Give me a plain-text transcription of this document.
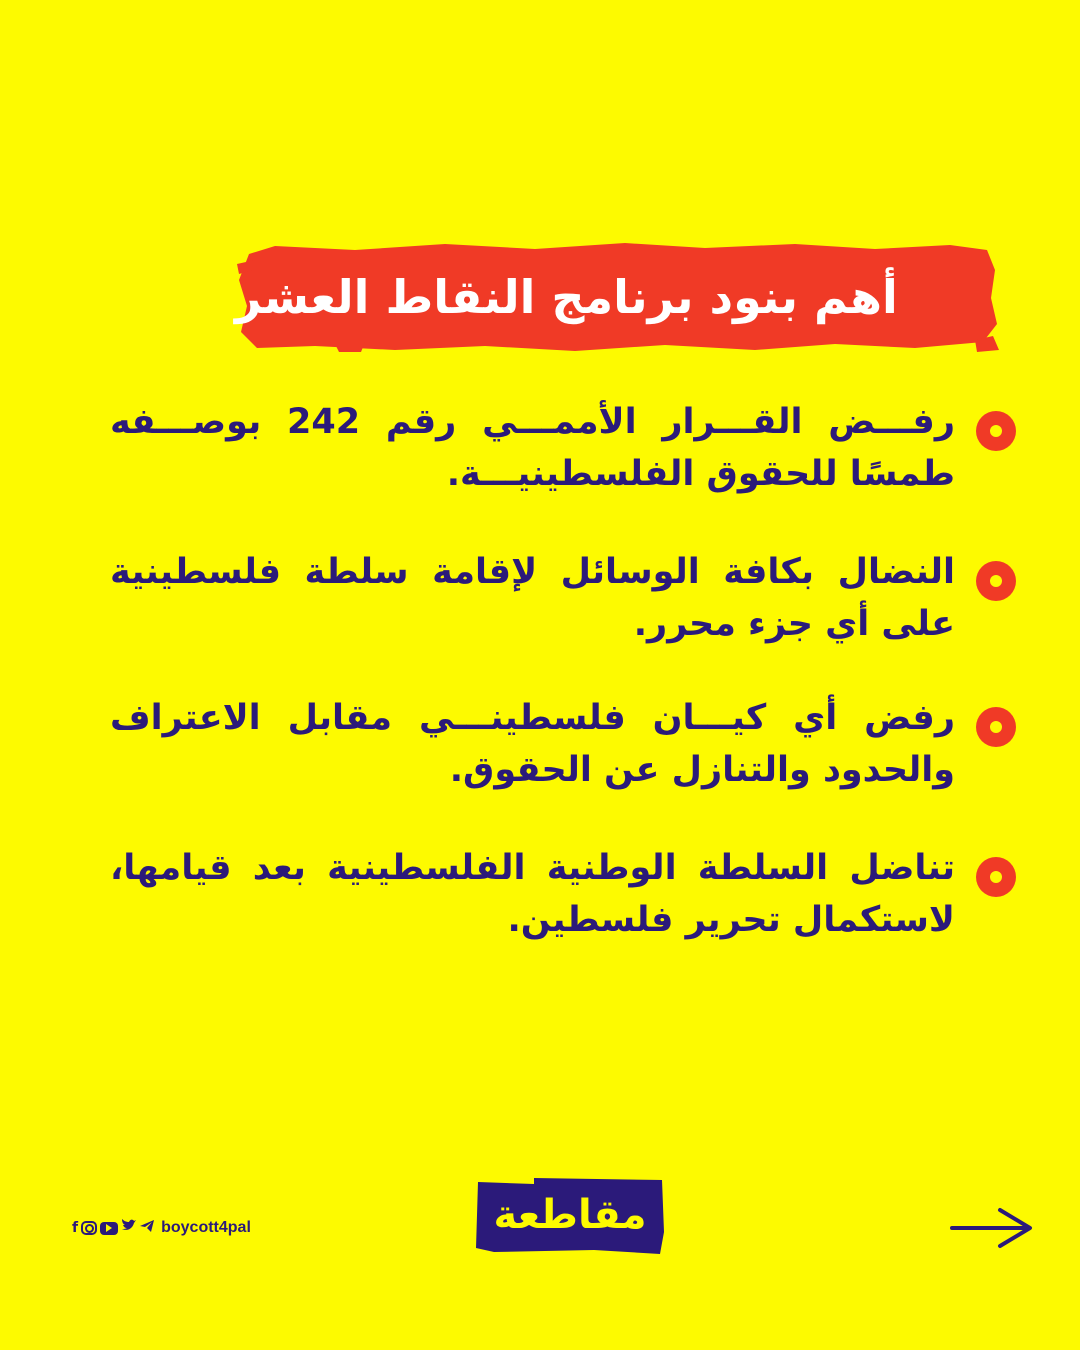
أهم بنود برنامج النقاط العشر
رفـــض القـــرار الأممـــي رقم 242 بوصـــفه طمسًا للحقوق الفلسطينيـــة.
النضال بكافة الوسائل لإقامة سلطة فلسطينية على أي جزء محرر.
رفض أي كيـــان فلسطينـــي مقابل الاعتراف والحدود والتنازل عن الحقوق.
تناضل السلطة الوطنية الفلسطينية بعد قيامها، لاستكمال تحرير فلسطين.
f	boycott4pal	مقاطعة
